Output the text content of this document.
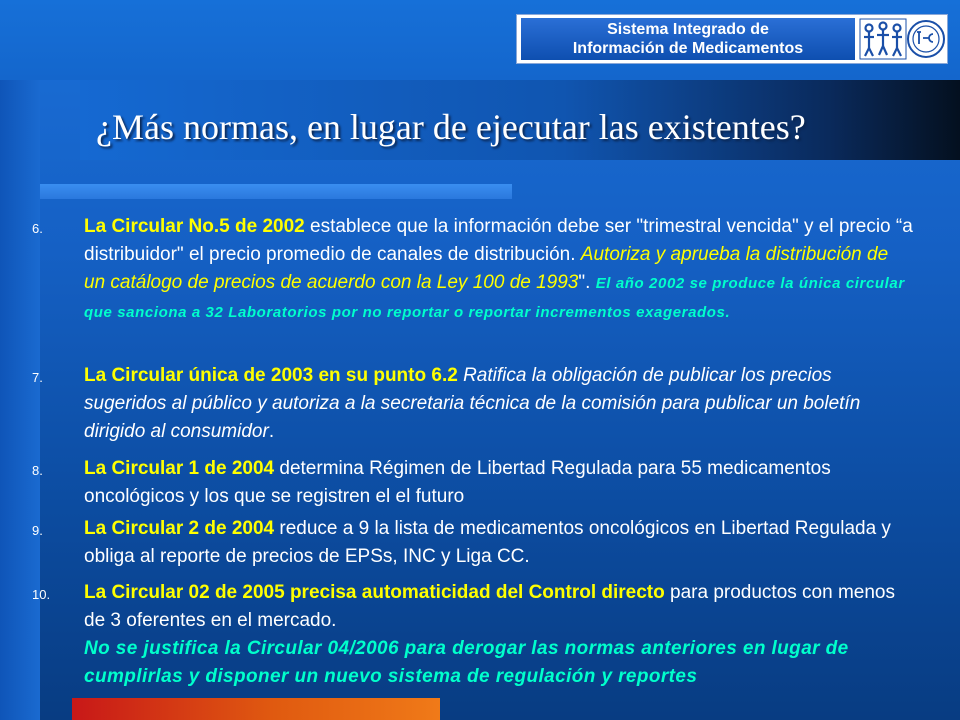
Sistema Integrado de
Información de Medicamentos
¿Más normas, en lugar de ejecutar las existentes?
6.	La Circular No.5 de 2002 establece que la información debe ser "trimestral vencida" y el precio “a distribuidor" el precio promedio de canales de distribución. Autoriza y aprueba la distribución de un catálogo de precios de acuerdo con la Ley 100 de 1993". El año 2002 se produce la única circular que sanciona a 32 Laboratorios por no reportar o reportar incrementos exagerados.
7.	La Circular única de 2003 en su punto 6.2 Ratifica la obligación de publicar los precios sugeridos al público y autoriza a la secretaria técnica de la comisión para publicar un boletín dirigido al consumidor.
8.	La Circular 1 de 2004 determina Régimen de Libertad Regulada para 55 medicamentos oncológicos y los que se registren el el futuro
9.	La Circular 2 de 2004 reduce a 9 la lista de medicamentos oncológicos en Libertad Regulada y obliga al reporte de precios de EPSs, INC y Liga CC.
10.	La Circular 02 de 2005 precisa automaticidad del Control directo para productos con menos de 3 oferentes en el mercado.
No se justifica la Circular 04/2006 para derogar las normas anteriores en lugar de cumplirlas y disponer un nuevo sistema de regulación y reportes
